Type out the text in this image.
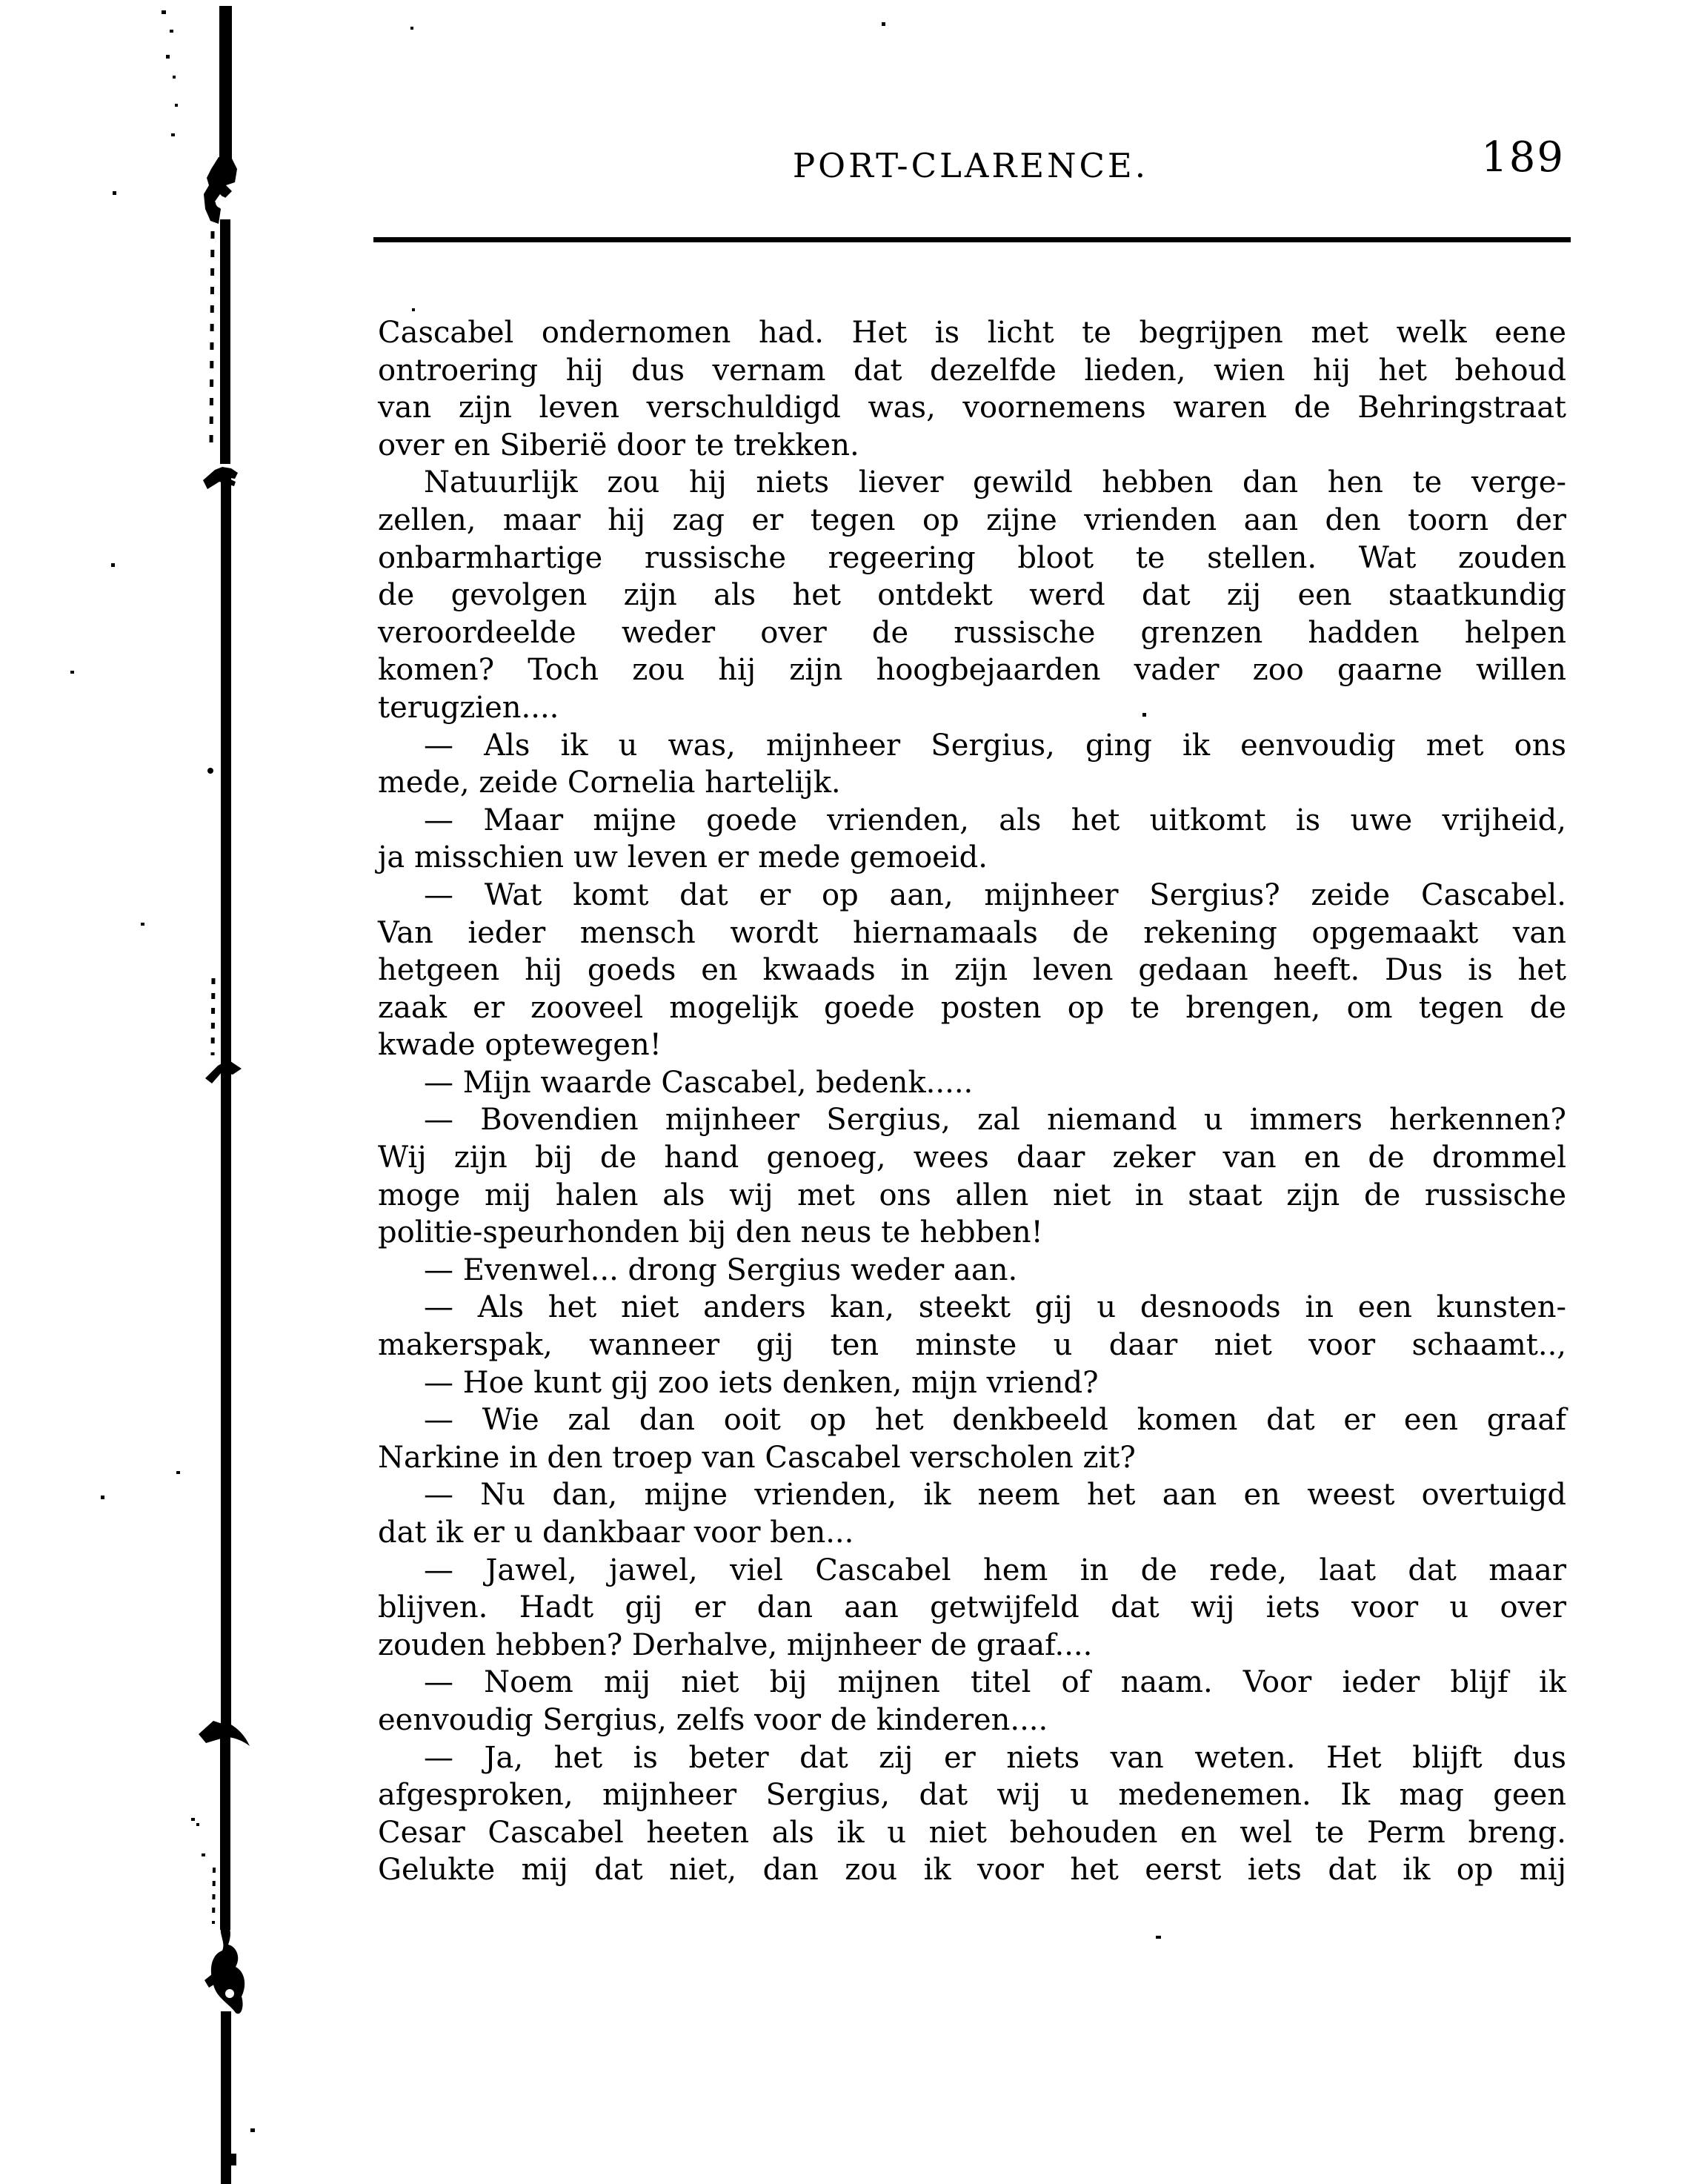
PORT-CLARENCE.	189
Cascabel ondernomen had. Het is licht te begrijpen met welk eene
ontroering hij dus vernam dat dezelfde lieden, wien hij het behoud
van zijn leven verschuldigd was, voornemens waren de Behringstraat
over en Siberië door te trekken.
Natuurlijk zou hij niets liever gewild hebben dan hen te verge-
zellen, maar hij zag er tegen op zijne vrienden aan den toorn der
onbarmhartige russische regeering bloot te stellen. Wat zouden
de gevolgen zijn als het ontdekt werd dat zij een staatkundig
veroordeelde weder over de russische grenzen hadden helpen
komen? Toch zou hij zijn hoogbejaarden vader zoo gaarne willen
terugzien....
— Als ik u was, mijnheer Sergius, ging ik eenvoudig met ons
mede, zeide Cornelia hartelijk.
— Maar mijne goede vrienden, als het uitkomt is uwe vrijheid,
ja misschien uw leven er mede gemoeid.
— Wat komt dat er op aan, mijnheer Sergius? zeide Cascabel.
Van ieder mensch wordt hiernamaals de rekening opgemaakt van
hetgeen hij goeds en kwaads in zijn leven gedaan heeft. Dus is het
zaak er zooveel mogelijk goede posten op te brengen, om tegen de
kwade optewegen!
— Mijn waarde Cascabel, bedenk.....
— Bovendien mijnheer Sergius, zal niemand u immers herkennen?
Wij zijn bij de hand genoeg, wees daar zeker van en de drommel
moge mij halen als wij met ons allen niet in staat zijn de russische
politie-speurhonden bij den neus te hebben!
— Evenwel... drong Sergius weder aan.
— Als het niet anders kan, steekt gij u desnoods in een kunsten-
makerspak, wanneer gij ten minste u daar niet voor schaamt..,
— Hoe kunt gij zoo iets denken, mijn vriend?
— Wie zal dan ooit op het denkbeeld komen dat er een graaf
Narkine in den troep van Cascabel verscholen zit?
— Nu dan, mijne vrienden, ik neem het aan en weest overtuigd
dat ik er u dankbaar voor ben...
— Jawel, jawel, viel Cascabel hem in de rede, laat dat maar
blijven. Hadt gij er dan aan getwijfeld dat wij iets voor u over
zouden hebben? Derhalve, mijnheer de graaf....
— Noem mij niet bij mijnen titel of naam. Voor ieder blijf ik
eenvoudig Sergius, zelfs voor de kinderen....
— Ja, het is beter dat zij er niets van weten. Het blijft dus
afgesproken, mijnheer Sergius, dat wij u medenemen. Ik mag geen
Cesar Cascabel heeten als ik u niet behouden en wel te Perm breng.
Gelukte mij dat niet, dan zou ik voor het eerst iets dat ik op mij
